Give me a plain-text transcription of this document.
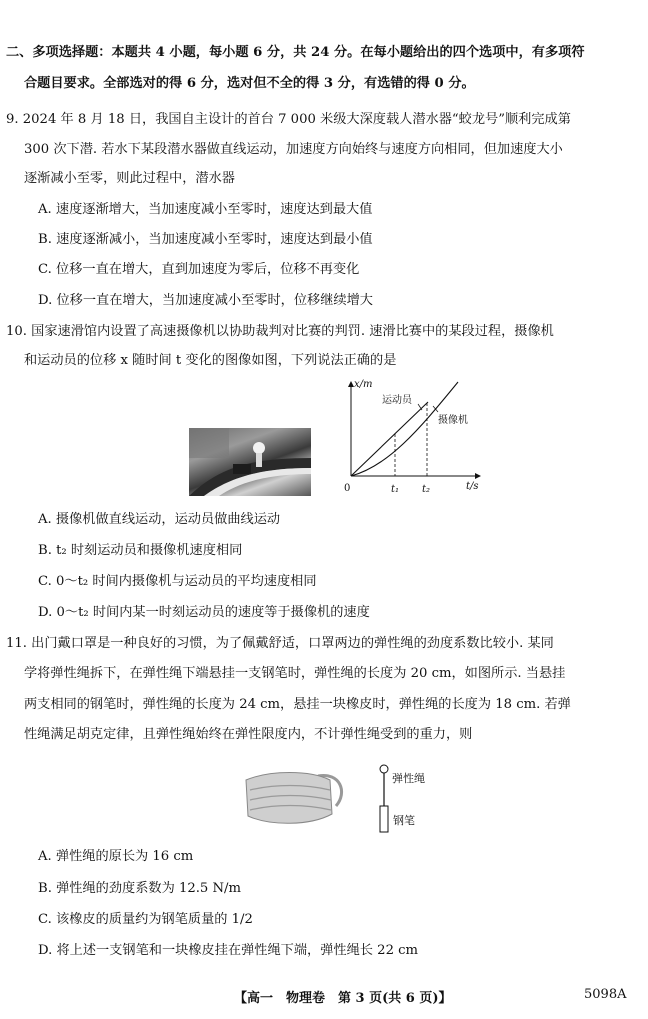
二、多项选择题：本题共 4 小题，每小题 6 分，共 24 分。在每小题给出的四个选项中，有多项符
合题目要求。全部选对的得 6 分，选对但不全的得 3 分，有选错的得 0 分。
9. 2024 年 8 月 18 日，我国自主设计的首台 7 000 米级大深度载人潜水器“蛟龙号”顺利完成第
300 次下潜. 若水下某段潜水器做直线运动，加速度方向始终与速度方向相同，但加速度大小
逐渐减小至零，则此过程中，潜水器
A. 速度逐渐增大，当加速度减小至零时，速度达到最大值
B. 速度逐渐减小，当加速度减小至零时，速度达到最小值
C. 位移一直在增大，直到加速度为零后，位移不再变化
D. 位移一直在增大，当加速度减小至零时，位移继续增大
10. 国家速滑馆内设置了高速摄像机以协助裁判对比赛的判罚. 速滑比赛中的某段过程，摄像机
和运动员的位移 x 随时间 t 变化的图像如图，下列说法正确的是
x/m
运动员
摄像机
0	t₁ t₂	t/s
A. 摄像机做直线运动，运动员做曲线运动
B. t₂ 时刻运动员和摄像机速度相同
C. 0～t₂ 时间内摄像机与运动员的平均速度相同
D. 0～t₂ 时间内某一时刻运动员的速度等于摄像机的速度
11. 出门戴口罩是一种良好的习惯，为了佩戴舒适，口罩两边的弹性绳的劲度系数比较小. 某同
学将弹性绳拆下，在弹性绳下端悬挂一支钢笔时，弹性绳的长度为 20 cm，如图所示. 当悬挂
两支相同的钢笔时，弹性绳的长度为 24 cm，悬挂一块橡皮时，弹性绳的长度为 18 cm. 若弹
性绳满足胡克定律，且弹性绳始终在弹性限度内，不计弹性绳受到的重力，则
弹性绳
钢笔
A. 弹性绳的原长为 16 cm
B. 弹性绳的劲度系数为 12.5 N/m
C. 该橡皮的质量约为钢笔质量的 1/2
D. 将上述一支钢笔和一块橡皮挂在弹性绳下端，弹性绳长 22 cm
【高一　物理卷　第 3 页(共 6 页)】	5098A
